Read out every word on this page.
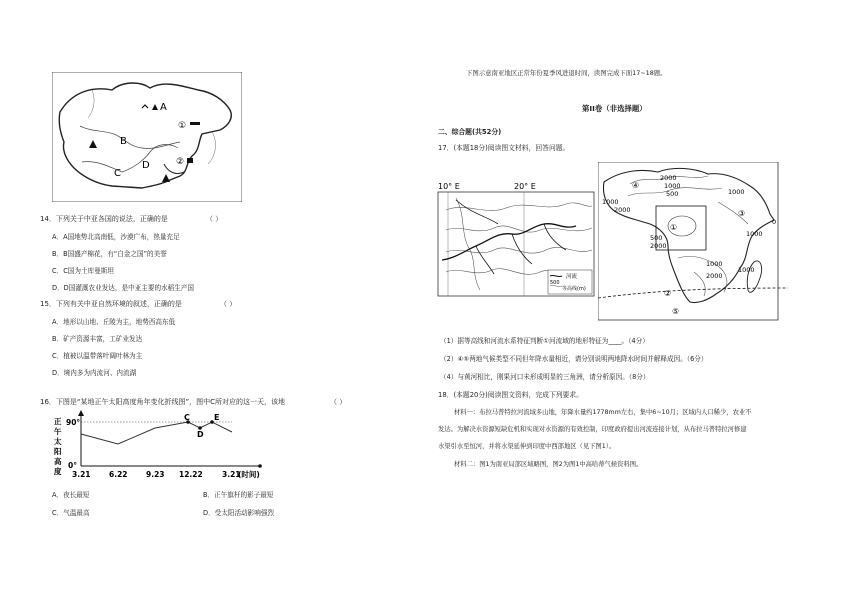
A
B
C
D
①
②
14．下列关于中亚各国的说法，正确的是	（ ）
A．A国地势北高南低，沙漠广布，热量充足
B．B国盛产棉花，有“白金之国”的美誉
C．C国为土库曼斯坦
D．D国灌溉农业发达，是中亚主要的水稻生产国
15．下列有关中亚自然环境的叙述，正确的是	（ ）
A．地形以山地、丘陵为主，地势西高东低
B．矿产资源丰富，工矿业发达
C．植被以温带落叶阔叶林为主
D．境内多为内流河、内流湖
16．下图是“某地正午太阳高度角年变化折线图”，图中C所对应的这一天，该地	（ ）
正
午
太
阳
高
度
90°
0°
C
D
E
3.21 6.22 9.23 12.22	3.21
(时间)
A．夜长最短	B．正午旗杆的影子最短
C．气温最高	D．受太阳活动影响强烈
下图示意南亚地区正常年份夏季风进退时间，读图完成下面17~18题。
第II卷（非选择题）
二、综合题(共52分)
17．(本题18分)阅读图文材料，回答问题。
10° E	20° E
河流
500
等高线(m)
2000
1000
500
1000
2000
1000
500
2000
1000
1000
1000
2000
0
④
①
③
②
⑤
（1）据等高线和河流水系特征判断①河流域的地形特征为____。（4分）
（2）④⑤两地气候类型不同但年降水量相近，请分别说明两地降水时间并解释成因。（6分）
（4）与黄河相比，刚果河口未形成明显的三角洲，请分析原因。（8分）
18．(本题20分)阅读图文资料，完成下列要求。
材料一：布拉马普特拉河流域多山地，年降水量约1778mm左右，集中6~10月；区域内人口稀少，农业不
发达。为解决水资源短缺危机和实现对水资源的有效控制，印度政府提出河流连接计划，从布拉马普特拉河修建
水渠引水至恒河，并将水渠延伸到印度中西部地区（见下图1）。
材料二：图1为南亚局部区域略图，图2为图1中高哈蒂气候资料图。
